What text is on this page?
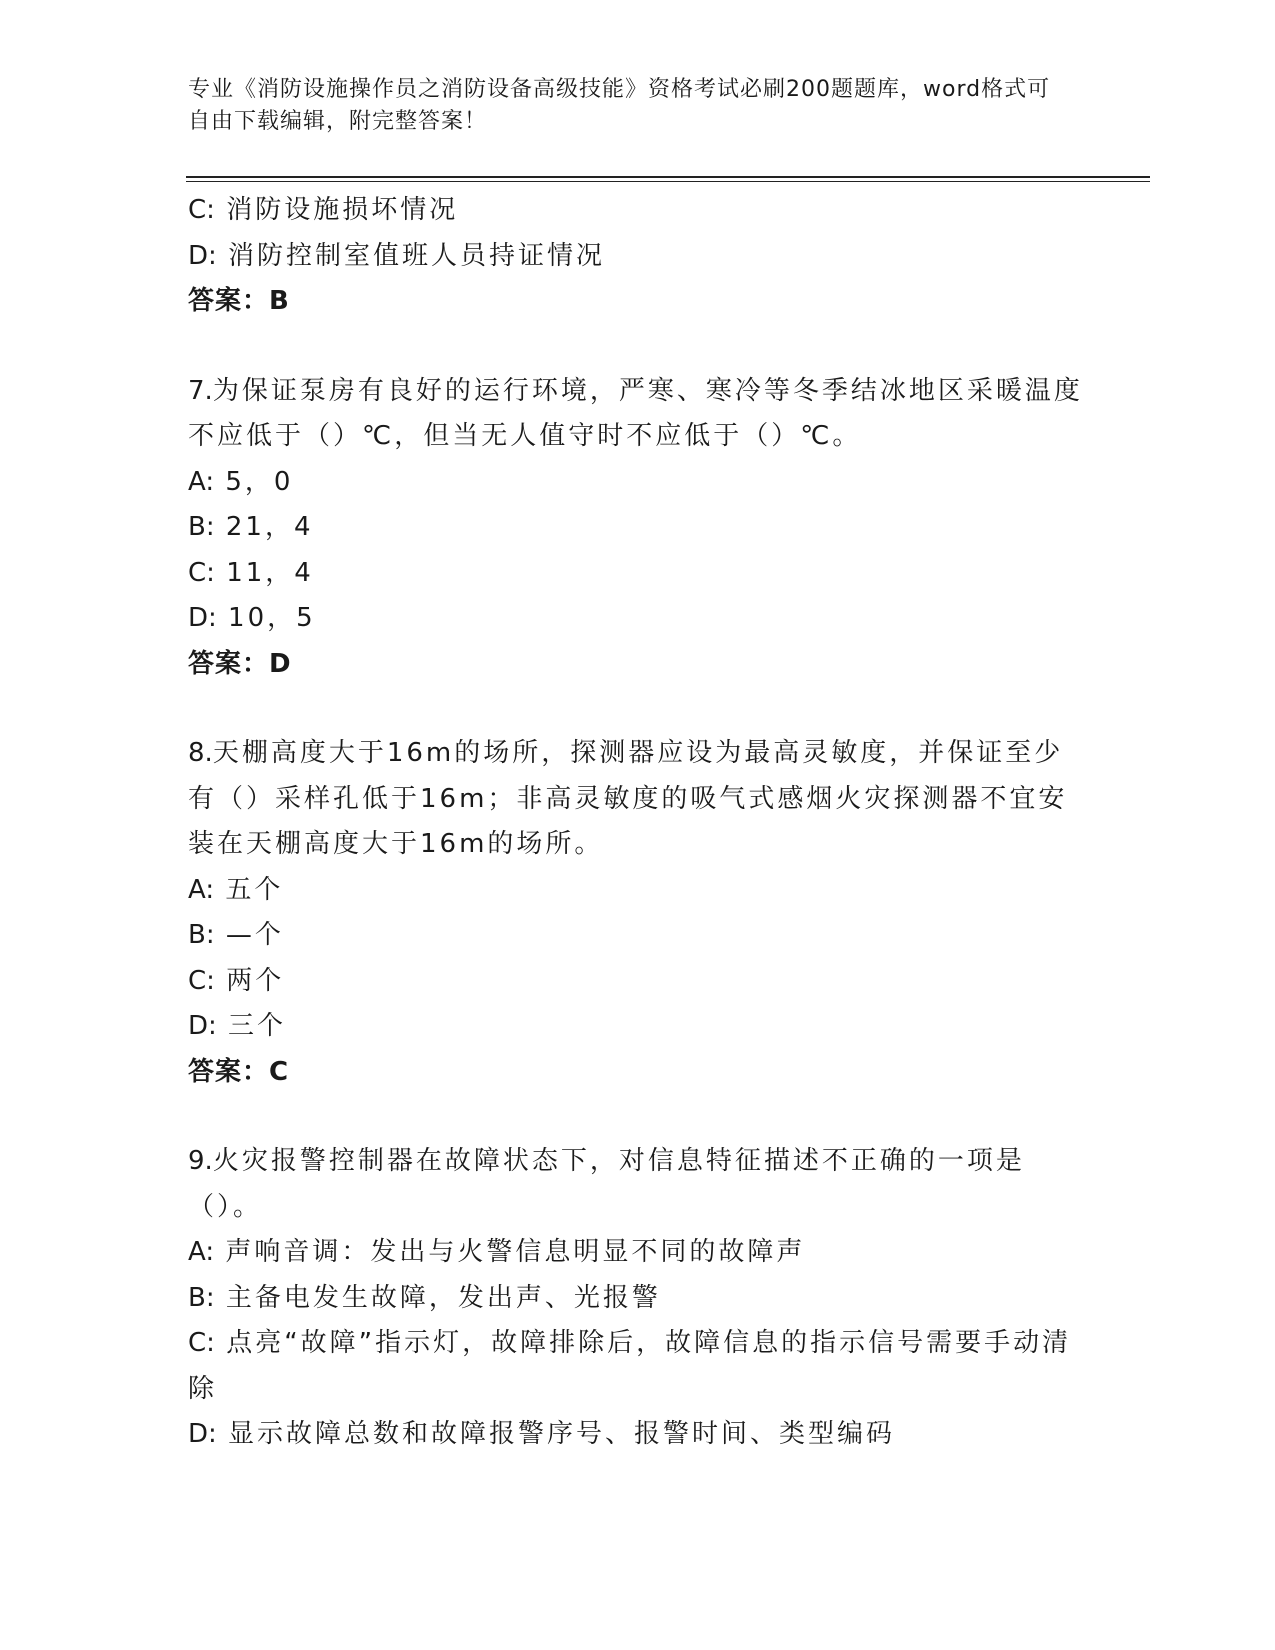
专业《消防设施操作员之消防设备高级技能》资格考试必刷200题题库，word格式可自由下载编辑，附完整答案！
C: 消防设施损坏情况
D: 消防控制室值班人员持证情况
答案：B
7.为保证泵房有良好的运行环境，严寒、寒冷等冬季结冰地区采暖温度不应低于（）℃，但当无人值守时不应低于（）℃。
A: 5，0
B: 21，4
C: 11，4
D: 10，5
答案：D
8.天棚高度大于16m的场所，探测器应设为最高灵敏度，并保证至少有（）采样孔低于16m；非高灵敏度的吸气式感烟火灾探测器不宜安装在天棚高度大于16m的场所。
A: 五个
B: —个
C: 两个
D: 三个
答案：C
9.火灾报警控制器在故障状态下，对信息特征描述不正确的一项是（）。
A: 声响音调：发出与火警信息明显不同的故障声
B: 主备电发生故障，发出声、光报警
C: 点亮“故障”指示灯，故障排除后，故障信息的指示信号需要手动清除
D: 显示故障总数和故障报警序号、报警时间、类型编码
